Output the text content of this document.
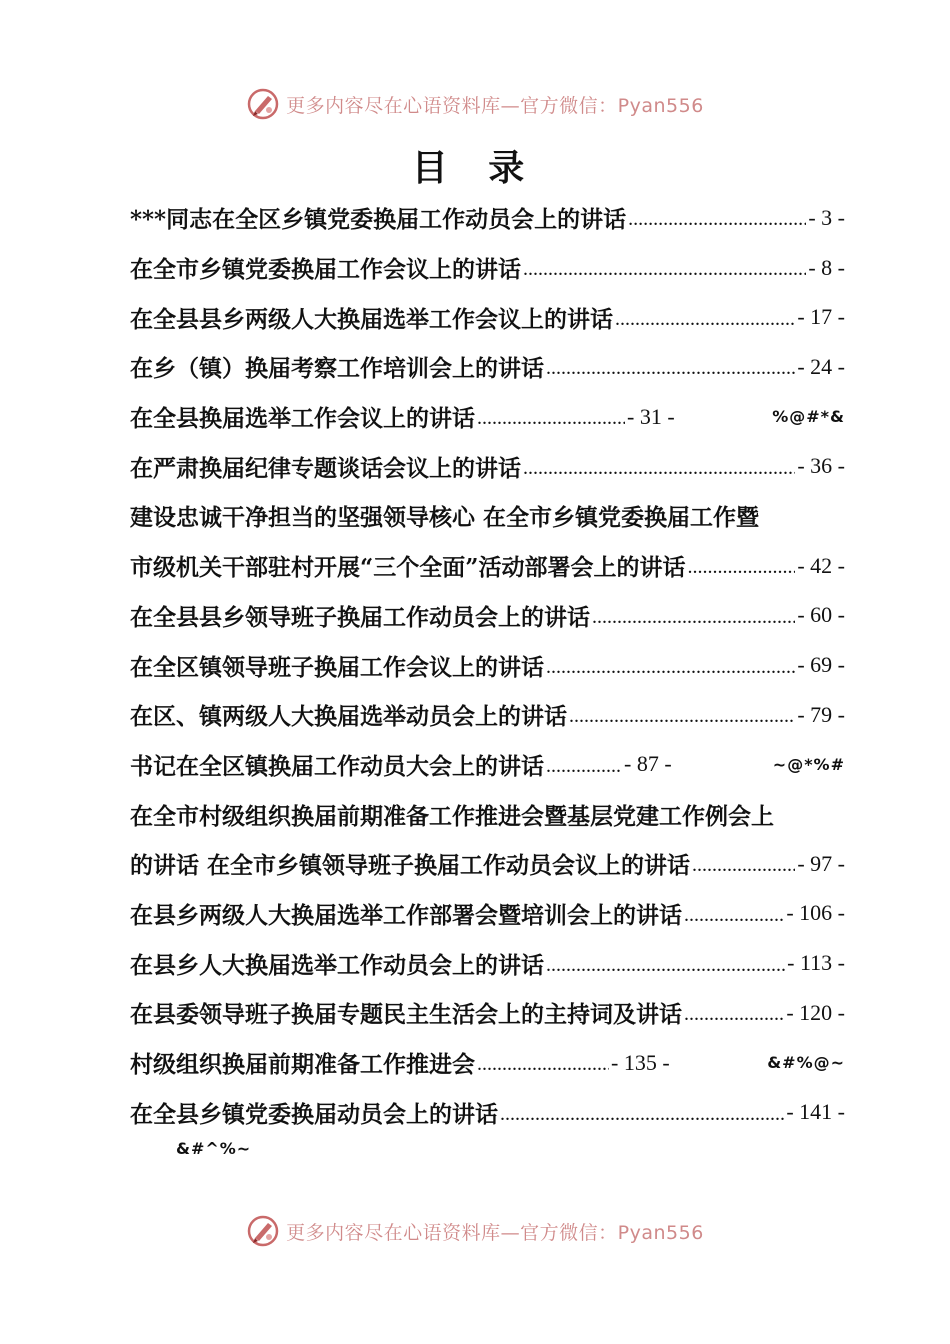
更多内容尽在心语资料库—官方微信：Pyan556
目 录
***同志在全区乡镇党委换届工作动员会上的讲话 .....	- 3 -
在全市乡镇党委换届工作会议上的讲话 .....	- 8 -
在全县县乡两级人大换届选举工作会议上的讲话 .....	- 17 -
在乡（镇）换届考察工作培训会上的讲话 .....	- 24 -
在全县换届选举工作会议上的讲话 .....	- 31 -	%@#*&
在严肃换届纪律专题谈话会议上的讲话 .....	- 36 -
建设忠诚干净担当的坚强领导核心 在全市乡镇党委换届工作暨
市级机关干部驻村开展“三个全面”活动部署会上的讲话 .....	- 42 -
在全县县乡领导班子换届工作动员会上的讲话 .....	- 60 -
在全区镇领导班子换届工作会议上的讲话 .....	- 69 -
在区、镇两级人大换届选举动员会上的讲话 .....	- 79 -
书记在全区镇换届工作动员大会上的讲话 .....	- 87 -	~@*%#
在全市村级组织换届前期准备工作推进会暨基层党建工作例会上
的讲话 在全市乡镇领导班子换届工作动员会议上的讲话 .....	- 97 -
在县乡两级人大换届选举工作部署会暨培训会上的讲话 .....	- 106 -
在县乡人大换届选举工作动员会上的讲话 .....	- 113 -
在县委领导班子换届专题民主生活会上的主持词及讲话 .....	- 120 -
村级组织换届前期准备工作推进会 .....	- 135 -	&#%@~
在全县乡镇党委换届动员会上的讲话 .....	- 141 -
&#^%~
更多内容尽在心语资料库—官方微信：Pyan556
